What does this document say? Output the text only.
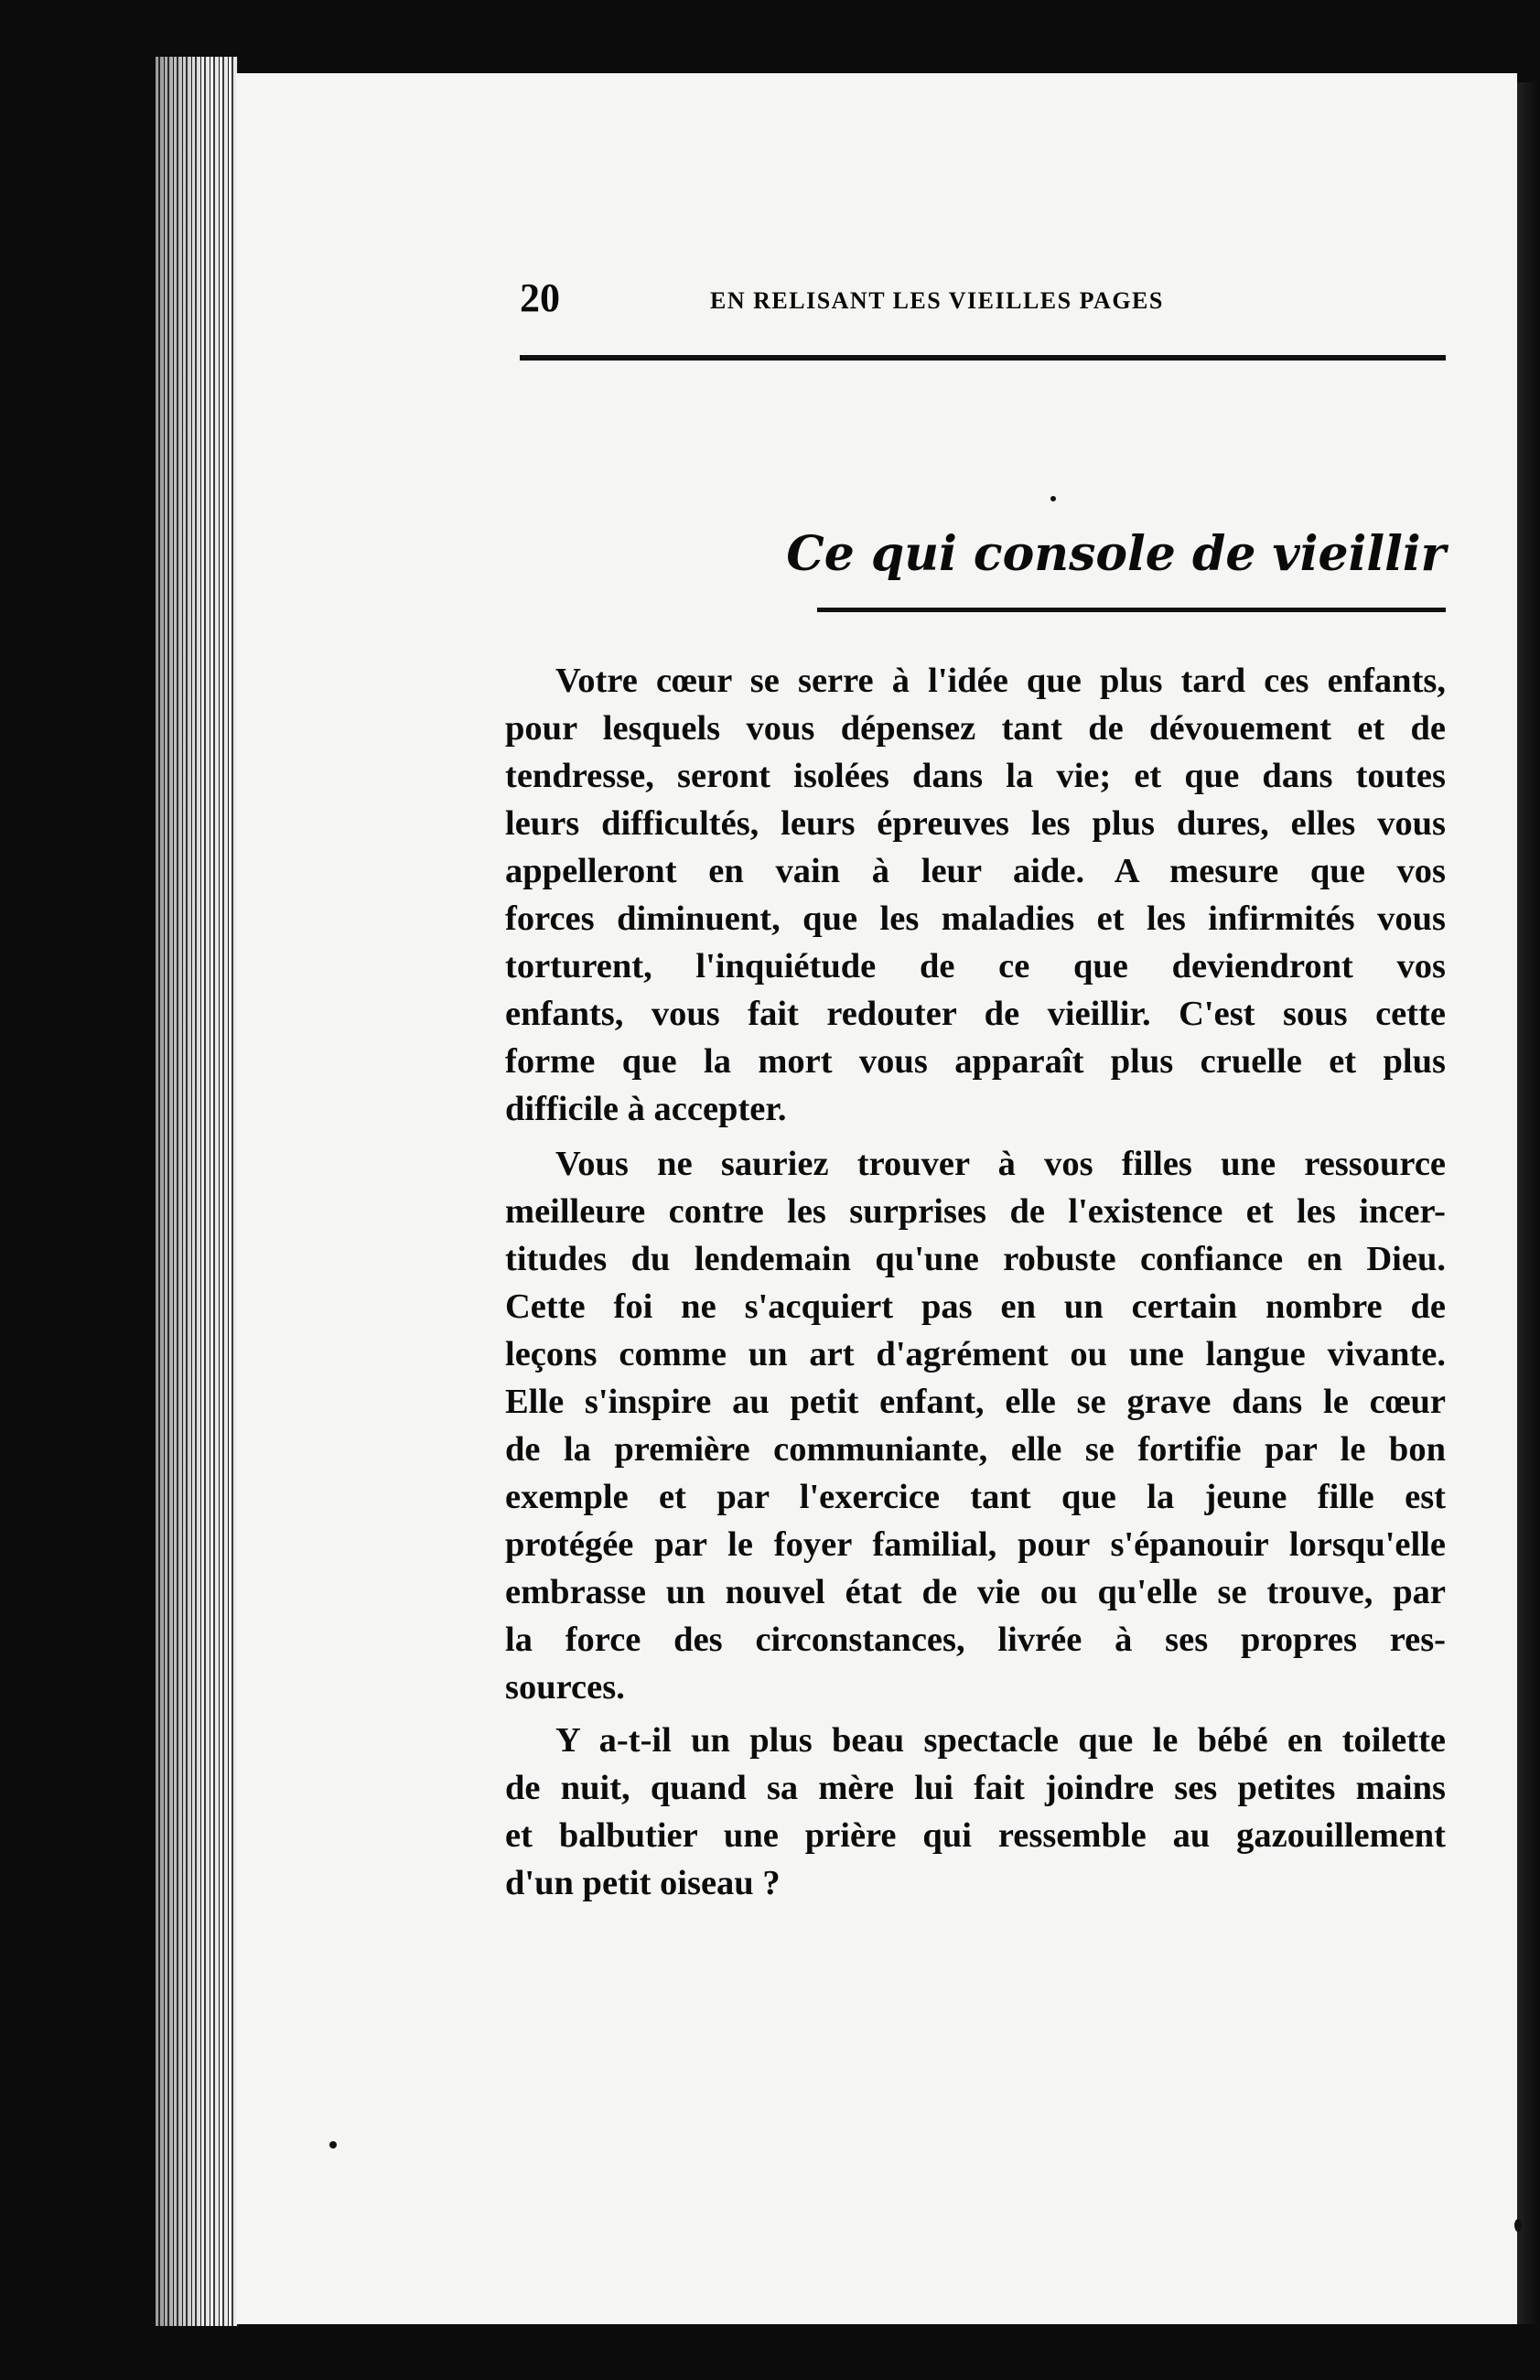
20	EN RELISANT LES VIEILLES PAGES
Ce qui console de vieillir
Votre cœur se serre à l'idée que plus tard ces enfants,
pour lesquels vous dépensez tant de dévouement et de
tendresse, seront isolées dans la vie; et que dans toutes
leurs difficultés, leurs épreuves les plus dures, elles vous
appelleront en vain à leur aide. A mesure que vos
forces diminuent, que les maladies et les infirmités vous
torturent, l'inquiétude de ce que deviendront vos
enfants, vous fait redouter de vieillir. C'est sous cette
forme que la mort vous apparaît plus cruelle et plus
difficile à accepter.
Vous ne sauriez trouver à vos filles une ressource
meilleure contre les surprises de l'existence et les incer-
titudes du lendemain qu'une robuste confiance en Dieu.
Cette foi ne s'acquiert pas en un certain nombre de
leçons comme un art d'agrément ou une langue vivante.
Elle s'inspire au petit enfant, elle se grave dans le cœur
de la première communiante, elle se fortifie par le bon
exemple et par l'exercice tant que la jeune fille est
protégée par le foyer familial, pour s'épanouir lorsqu'elle
embrasse un nouvel état de vie ou qu'elle se trouve, par
la force des circonstances, livrée à ses propres res-
sources.
Y a-t-il un plus beau spectacle que le bébé en toilette
de nuit, quand sa mère lui fait joindre ses petites mains
et balbutier une prière qui ressemble au gazouillement
d'un petit oiseau ?
